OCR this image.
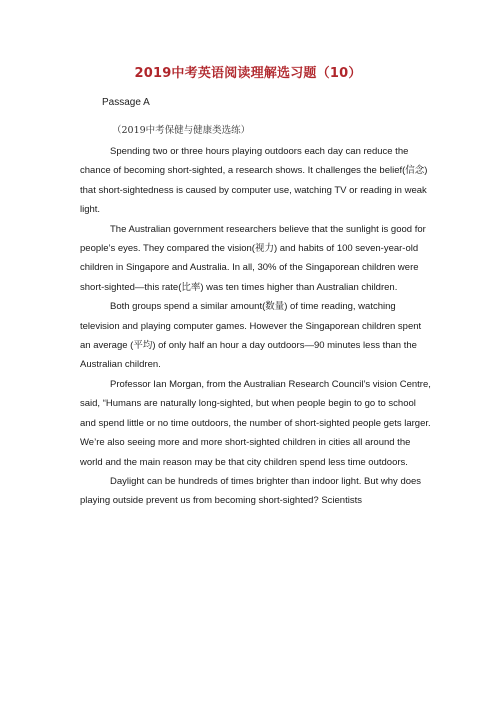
2019中考英语阅读理解选习题（10）
Passage A
（2019中考保健与健康类选练）

Spending two or three hours playing outdoors each day can reduce the chance of becoming short-sighted, a research shows. It challenges the belief(信念) that short-sightedness is caused by computer use, watching TV or reading in weak light.

The Australian government researchers believe that the sunlight is good for people’s eyes. They compared the vision(视力) and habits of 100 seven-year-old children in Singapore and Australia. In all, 30% of the Singaporean children were short-sighted—this rate(比率) was ten times higher than Australian children.

Both groups spend a similar amount(数量) of time reading, watching television and playing computer games. However the Singaporean children spent an average (平均) of only half an hour a day outdoors—90 minutes less than the Australian children.

Professor Ian Morgan, from the Australian Research Council’s vision Centre, said, “Humans are naturally long-sighted, but when people begin to go to school and spend little or no time outdoors, the number of short-sighted people gets larger. We’re also seeing more and more short-sighted children in cities all around the world and the main reason may be that city children spend less time outdoors.

Daylight can be hundreds of times brighter than indoor light. But why does playing outside prevent us from becoming short-sighted? Scientists
